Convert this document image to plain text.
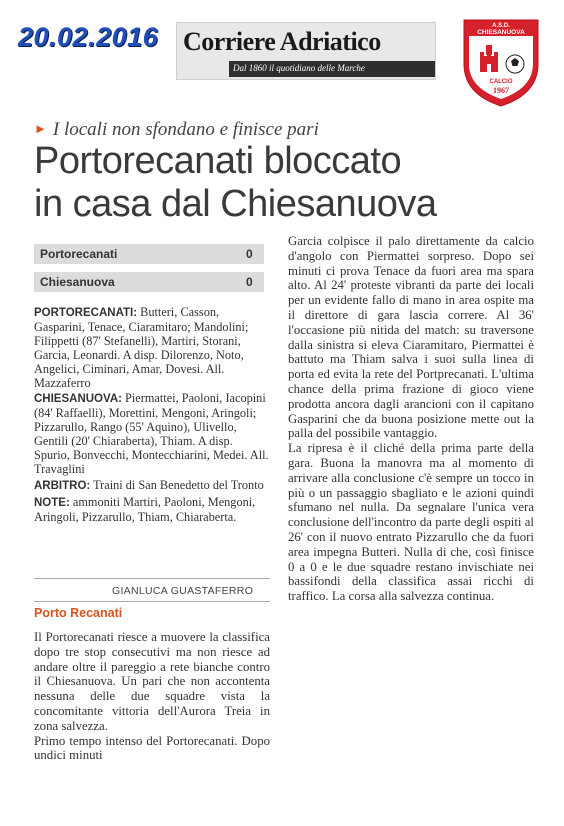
20.02.2016 Corriere Adriatico
Dal 1860 il quotidiano delle Marche
A.S.D.
CHIESANUOVA
CALCIO
1967
► I locali non sfondano e finisce pari
Portorecanati bloccato
in casa dal Chiesanuova
Portorecanati	0
Chiesanuova	0

PORTORECANATI: Butteri, Casson, Gasparini, Tenace, Ciaramitaro; Mandolini; Filippetti (87' Stefanelli), Martiri, Storani, Garcia, Leonardi. A disp. Dilorenzo, Noto, Angelici, Ciminari, Amar, Dovesi. All. Mazzaferro

CHIESANUOVA: Piermattei, Paoloni, Iacopini (84' Raffaelli), Morettini, Mengoni, Aringoli; Pizzarullo, Rango (55' Aquino), Ulivello, Gentili (20' Chiaraberta), Thiam. A disp. Spurio, Bonvecchi, Montecchiarini, Medei. All. Travaglini

ARBITRO: Traini di San Benedetto del Tronto

NOTE: ammoniti Martiri, Paoloni, Mengoni, Aringoli, Pizzarullo, Thiam, Chiaraberta.

GIANLUCA GUASTAFERRO
Porto Recanati

Il Portorecanati riesce a muovere la classifica dopo tre stop consecutivi ma non riesce ad andare oltre il pareggio a rete bianche contro il Chiesanuova. Un pari che non accontenta nessuna delle due squadre vista la concomitante vittoria dell'Aurora Treia in zona salvezza.

Primo tempo intenso del Portorecanati. Dopo undici minuti

Garcia colpisce il palo direttamente da calcio d'angolo con Piermattei sorpreso. Dopo sei minuti ci prova Tenace da fuori area ma spara alto. Al 24' proteste vibranti da parte dei locali per un evidente fallo di mano in area ospite ma il direttore di gara lascia correre. Al 36' l'occasione più nitida del match: su traversone dalla sinistra si eleva Ciaramitaro, Piermattei è battuto ma Thiam salva i suoi sulla linea di porta ed evita la rete del Portprecanati. L'ultima chance della prima frazione di gioco viene prodotta ancora dagli arancioni con il capitano Gasparini che da buona posizione mette out la palla del possibile vantaggio.

La ripresa è il cliché della prima parte della gara. Buona la manovra ma al momento di arrivare alla conclusione c'è sempre un tocco in più o un passaggio sbagliato e le azioni quindi sfumano nel nulla. Da segnalare l'unica vera conclusione dell'incontro da parte degli ospiti al 26' con il nuovo entrato Pizzarullo che da fuori area impegna Butteri. Nulla di che, così finisce 0 a 0 e le due squadre restano invischiate nei bassifondi della classifica assai ricchi di traffico. La corsa alla salvezza continua.
